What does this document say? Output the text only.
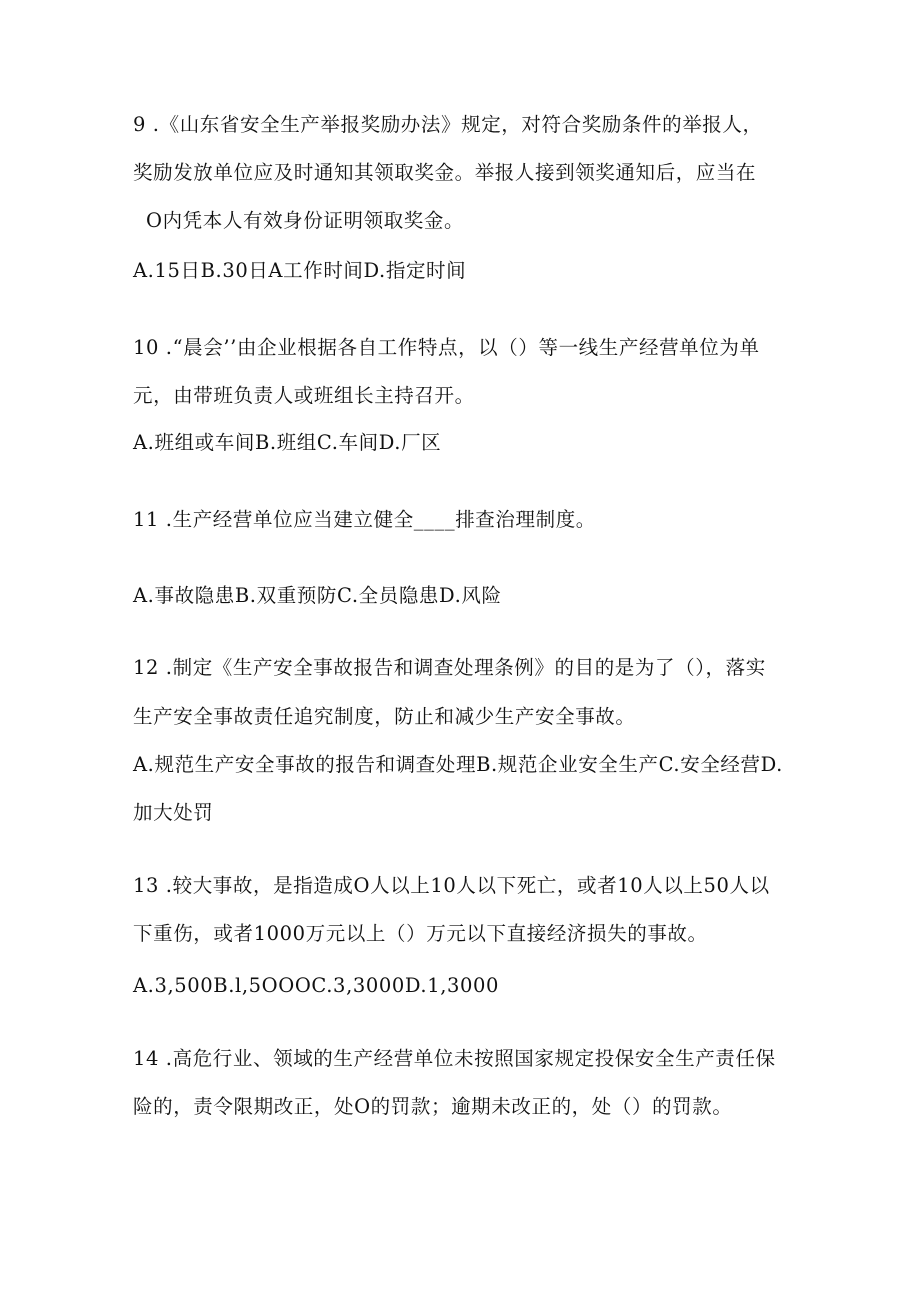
9 .《山东省安全生产举报奖励办法》规定，对符合奖励条件的举报人，
奖励发放单位应及时通知其领取奖金。举报人接到领奖通知后，应当在
O内凭本人有效身份证明领取奖金。
A.15日B.30日A工作时间D.指定时间
10 .“晨会’’由企业根据各自工作特点，以（）等一线生产经营单位为单
元，由带班负责人或班组长主持召开。
A.班组或车间B.班组C.车间D.厂区
11 .生产经营单位应当建立健全____排查治理制度。
A.事故隐患B.双重预防C.全员隐患D.风险
12 .制定《生产安全事故报告和调查处理条例》的目的是为了（），落实
生产安全事故责任追究制度，防止和减少生产安全事故。
A.规范生产安全事故的报告和调查处理B.规范企业安全生产C.安全经营D.
加大处罚
13 .较大事故，是指造成O人以上10人以下死亡，或者10人以上50人以
下重伤，或者1000万元以上（）万元以下直接经济损失的事故。
A.3,500B.l,5OOOC.3,3000D.1,3000
14 .高危行业、领域的生产经营单位未按照国家规定投保安全生产责任保
险的，责令限期改正，处O的罚款；逾期未改正的，处（）的罚款。
